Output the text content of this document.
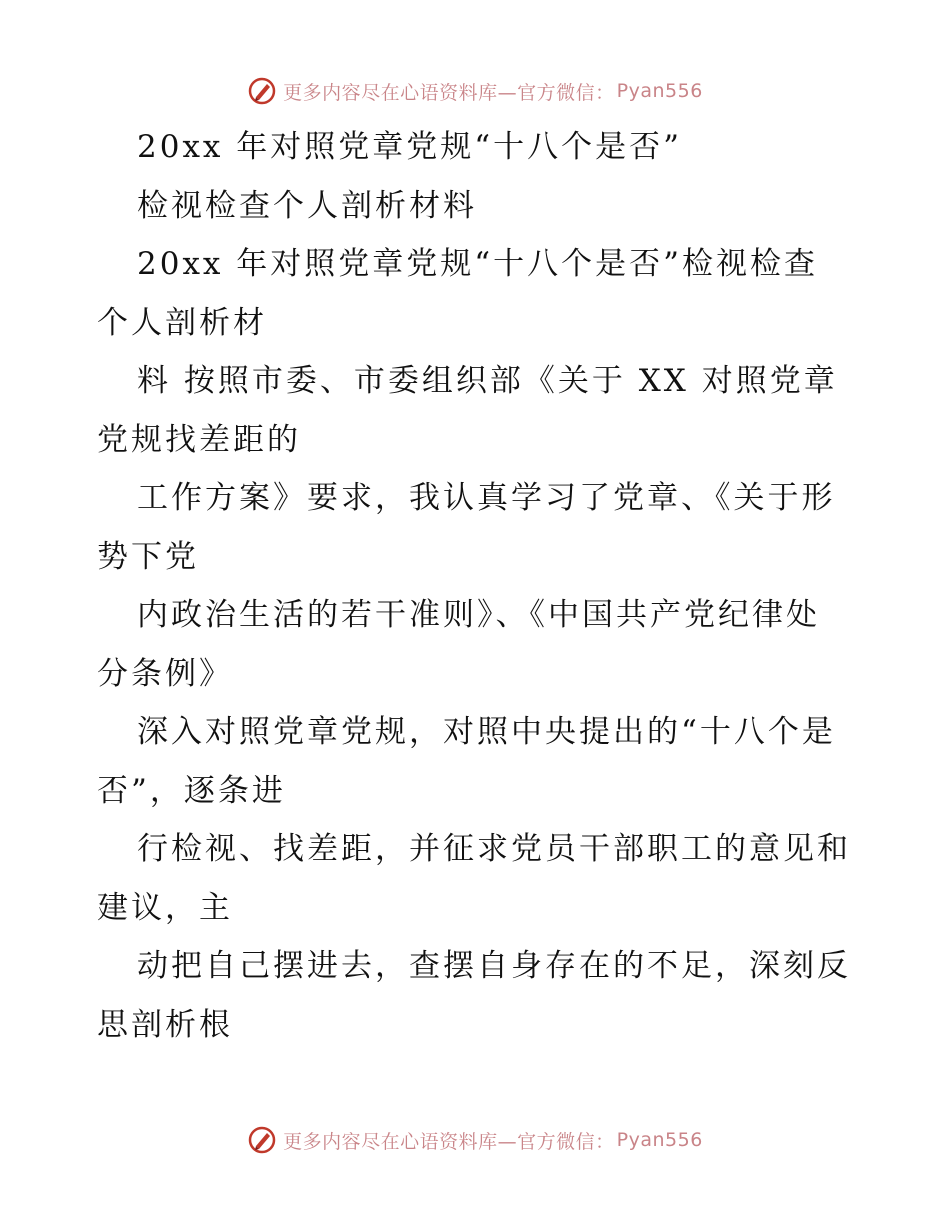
更多内容尽在心语资料库—官方微信： Pyan556
20xx 年对照党章党规“十八个是否”
检视检查个人剖析材料
20xx 年对照党章党规“十八个是否”检视检查
个人剖析材
料 按照市委、市委组织部《关于 XX 对照党章
党规找差距的
工作方案》要求，我认真学习了党章、《关于形
势下党
内政治生活的若干准则》、《中国共产党纪律处
分条例》
深入对照党章党规，对照中央提出的“十八个是
否”，逐条进
行检视、找差距，并征求党员干部职工的意见和
建议，主
动把自己摆进去，查摆自身存在的不足，深刻反
思剖析根
更多内容尽在心语资料库—官方微信： Pyan556
